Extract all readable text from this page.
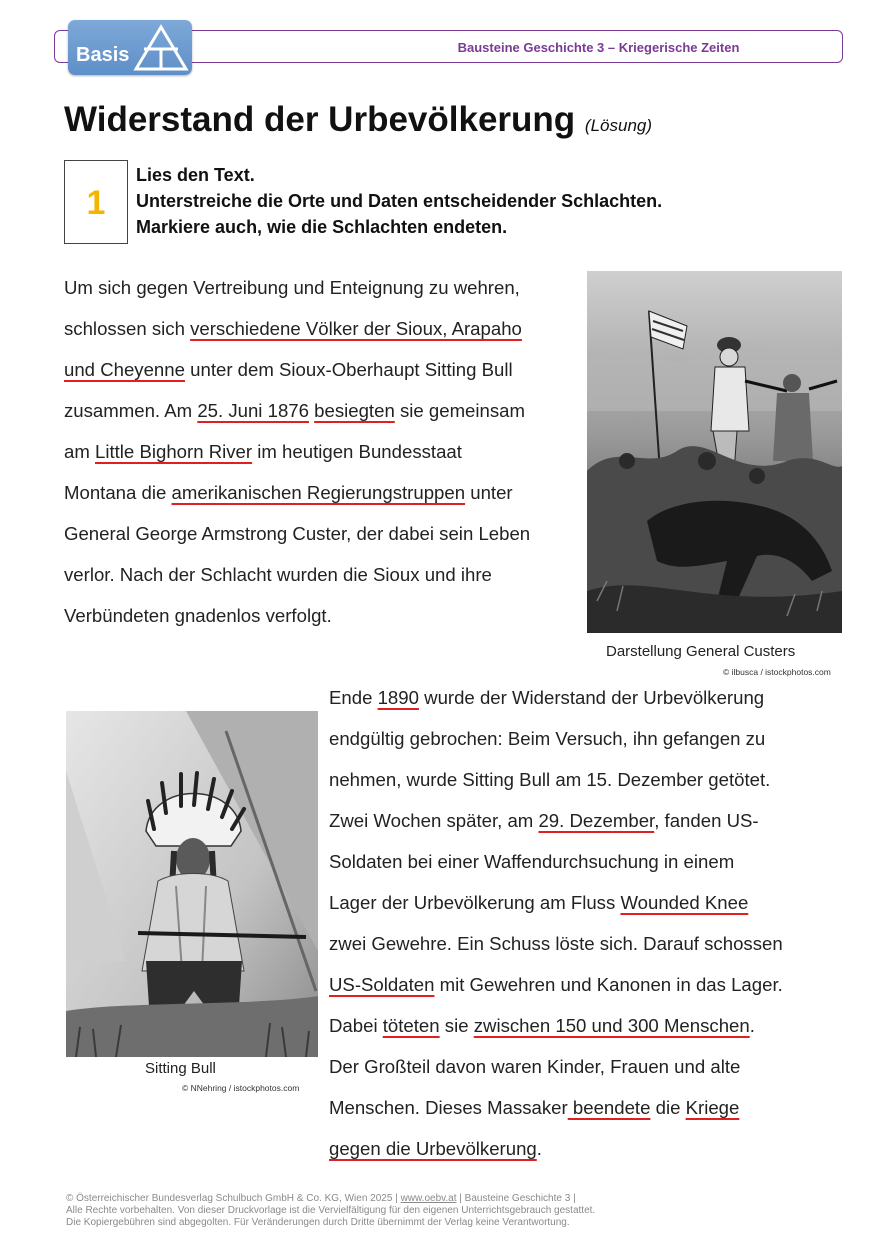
Bausteine Geschichte 3 – Kriegerische Zeiten
Basis
Widerstand der Urbevölkerung (Lösung)
1
Lies den Text.
Unterstreiche die Orte und Daten entscheidender Schlachten.
Markiere auch, wie die Schlachten endeten.
Um sich gegen Vertreibung und Enteignung zu wehren,
schlossen sich verschiedene Völker der Sioux, Arapaho
und Cheyenne unter dem Sioux-Oberhaupt Sitting Bull
zusammen. Am 25. Juni 1876 besiegten sie gemeinsam
am Little Bighorn River im heutigen Bundesstaat
Montana die amerikanischen Regierungstruppen unter
General George Armstrong Custer, der dabei sein Leben
verlor. Nach der Schlacht wurden die Sioux und ihre
Verbündeten gnadenlos verfolgt.
Darstellung General Custers
© ilbusca / istockphotos.com
Sitting Bull
© NNehring / istockphotos.com
Ende 1890 wurde der Widerstand der Urbevölkerung
endgültig gebrochen: Beim Versuch, ihn gefangen zu
nehmen, wurde Sitting Bull am 15. Dezember getötet.
Zwei Wochen später, am 29. Dezember, fanden US-
Soldaten bei einer Waffendurchsuchung in einem
Lager der Urbevölkerung am Fluss Wounded Knee
zwei Gewehre. Ein Schuss löste sich. Darauf schossen
US-Soldaten mit Gewehren und Kanonen in das Lager.
Dabei töteten sie zwischen 150 und 300 Menschen.
Der Großteil davon waren Kinder, Frauen und alte
Menschen. Dieses Massaker beendete die Kriege
gegen die Urbevölkerung.
© Österreichischer Bundesverlag Schulbuch GmbH & Co. KG, Wien 2025 | www.oebv.at | Bausteine Geschichte 3 |
Alle Rechte vorbehalten. Von dieser Druckvorlage ist die Vervielfältigung für den eigenen Unterrichtsgebrauch gestattet.
Die Kopiergebühren sind abgegolten. Für Veränderungen durch Dritte übernimmt der Verlag keine Verantwortung.
